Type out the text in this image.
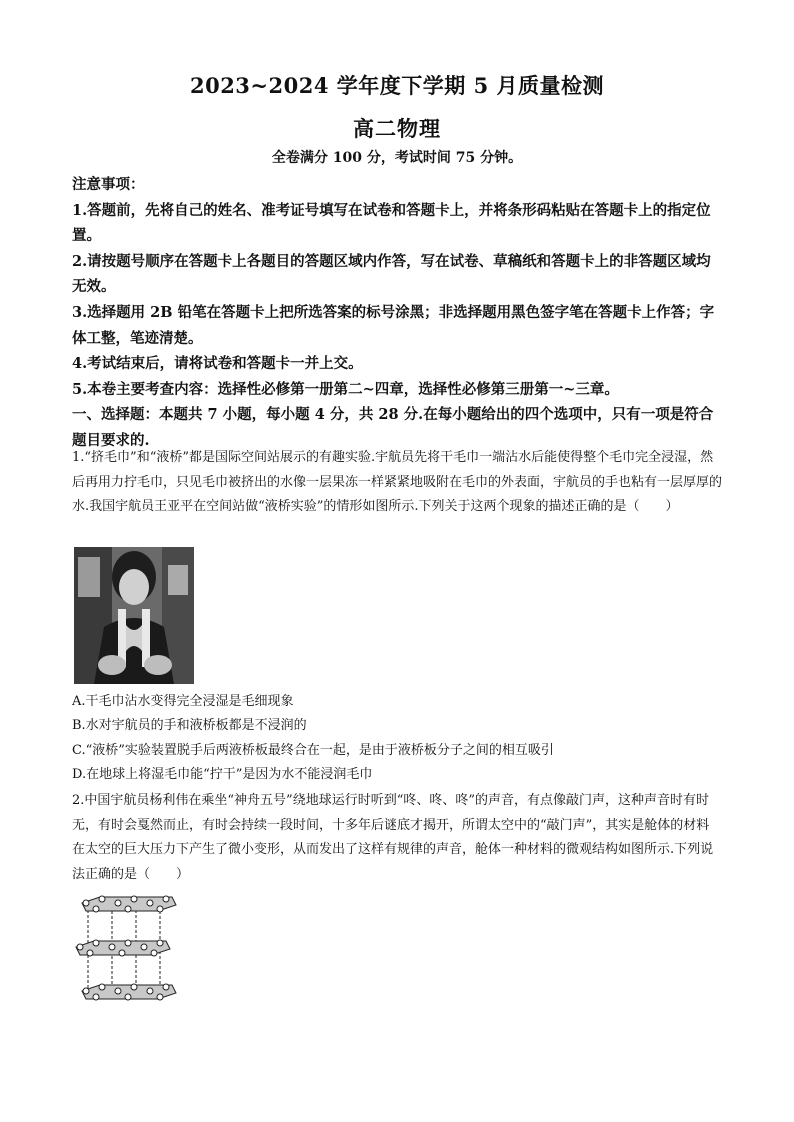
2023~2024 学年度下学期 5 月质量检测
高二物理
全卷满分 100 分，考试时间 75 分钟。

注意事项：

1.答题前，先将自己的姓名、准考证号填写在试卷和答题卡上，并将条形码粘贴在答题卡上的指定位置。

2.请按题号顺序在答题卡上各题目的答题区域内作答，写在试卷、草稿纸和答题卡上的非答题区域均无效。

3.选择题用 2B 铅笔在答题卡上把所选答案的标号涂黑；非选择题用黑色签字笔在答题卡上作答；字体工整，笔迹清楚。

4.考试结束后，请将试卷和答题卡一并上交。

5.本卷主要考查内容：选择性必修第一册第二~四章，选择性必修第三册第一~三章。

一、选择题：本题共 7 小题，每小题 4 分，共 28 分.在每小题给出的四个选项中，只有一项是符合题目要求的.

1.“挤毛巾”和“液桥”都是国际空间站展示的有趣实验.宇航员先将干毛巾一端沾水后能使得整个毛巾完全浸湿，然后再用力拧毛巾，只见毛巾被挤出的水像一层果冻一样紧紧地吸附在毛巾的外表面，宇航员的手也粘有一层厚厚的水.我国宇航员王亚平在空间站做“液桥实验”的情形如图所示.下列关于这两个现象的描述正确的是（　　）

A.干毛巾沾水变得完全浸湿是毛细现象

B.水对宇航员的手和液桥板都是不浸润的

C.“液桥”实验装置脱手后两液桥板最终合在一起，是由于液桥板分子之间的相互吸引

D.在地球上将湿毛巾能“拧干”是因为水不能浸润毛巾

2.中国宇航员杨利伟在乘坐“神舟五号”绕地球运行时听到“咚、咚、咚”的声音，有点像敲门声，这种声音时有时无，有时会戛然而止，有时会持续一段时间，十多年后谜底才揭开，所谓太空中的“敲门声”，其实是舱体的材料在太空的巨大压力下产生了微小变形，从而发出了这样有规律的声音，舱体一种材料的微观结构如图所示.下列说法正确的是（　　）
